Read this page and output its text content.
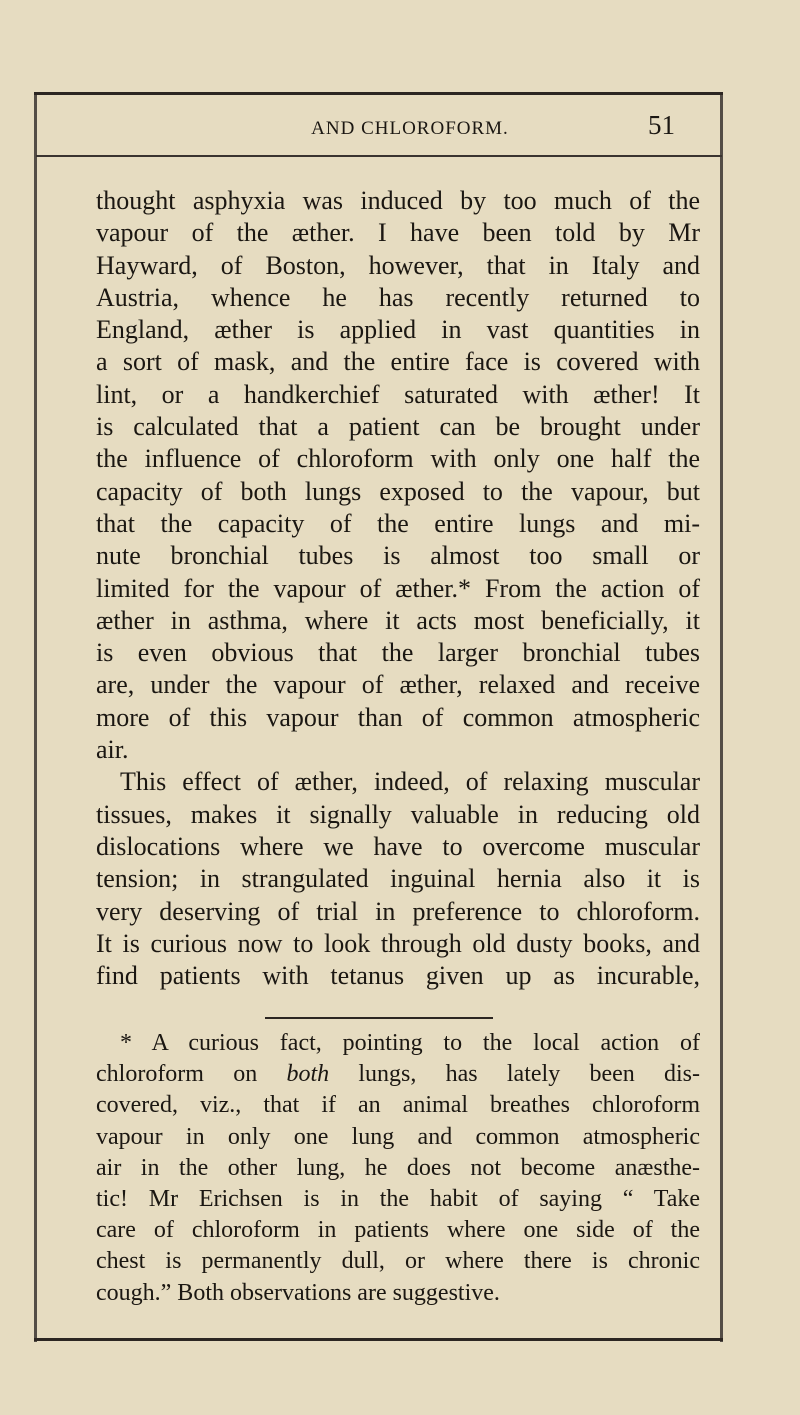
AND CHLOROFORM.	51
thought asphyxia was induced by too much of the
vapour of the æther. I have been told by Mr
Hayward, of Boston, however, that in Italy and
Austria, whence he has recently returned to
England, æther is applied in vast quantities in
a sort of mask, and the entire face is covered with
lint, or a handkerchief saturated with æther! It
is calculated that a patient can be brought under
the influence of chloroform with only one half the
capacity of both lungs exposed to the vapour, but
that the capacity of the entire lungs and mi-
nute bronchial tubes is almost too small or
limited for the vapour of æther.* From the action of
æther in asthma, where it acts most beneficially, it
is even obvious that the larger bronchial tubes
are, under the vapour of æther, relaxed and receive
more of this vapour than of common atmospheric
air.
This effect of æther, indeed, of relaxing muscular
tissues, makes it signally valuable in reducing old
dislocations where we have to overcome muscular
tension; in strangulated inguinal hernia also it is
very deserving of trial in preference to chloroform.
It is curious now to look through old dusty books, and
find patients with tetanus given up as incurable,
* A curious fact, pointing to the local action of
chloroform on both lungs, has lately been dis-
covered, viz., that if an animal breathes chloroform
vapour in only one lung and common atmospheric
air in the other lung, he does not become anæsthe-
tic! Mr Erichsen is in the habit of saying “ Take
care of chloroform in patients where one side of the
chest is permanently dull, or where there is chronic
cough.” Both observations are suggestive.
